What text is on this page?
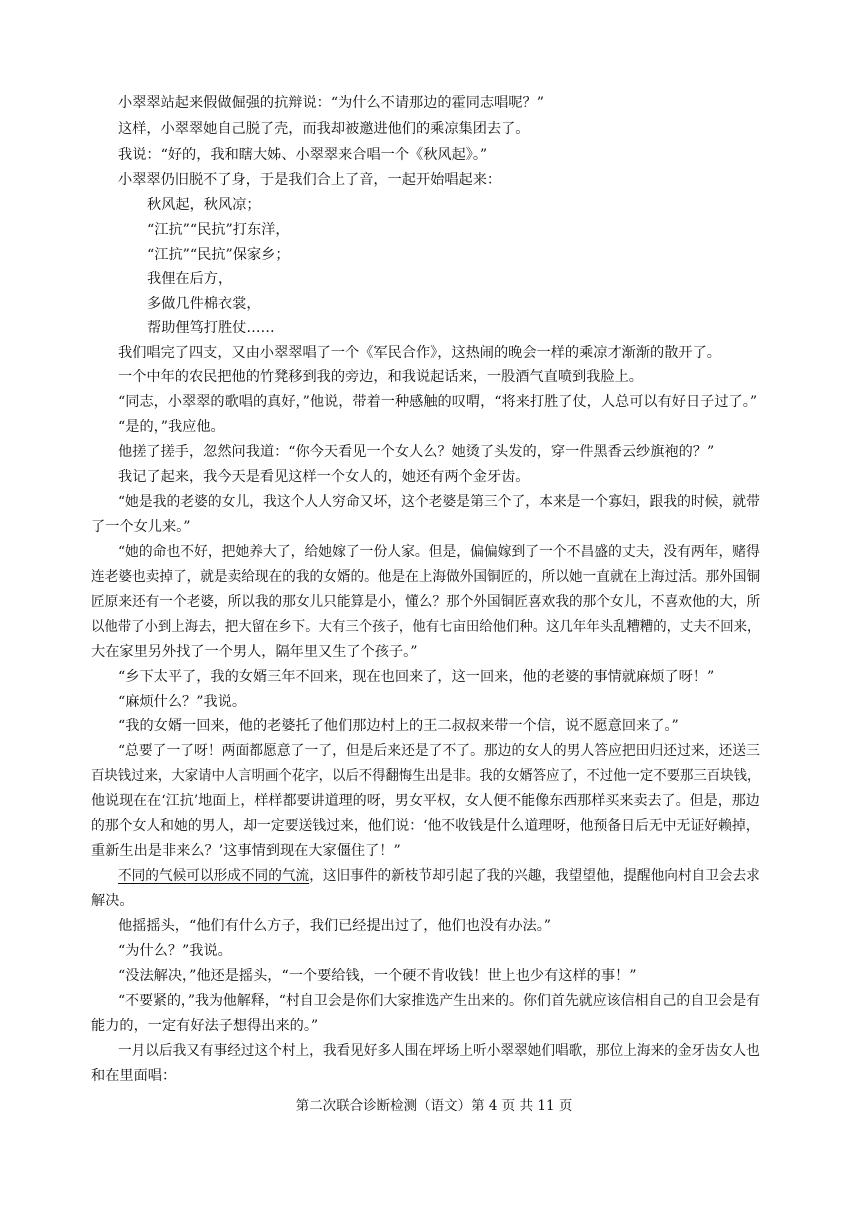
小翠翠站起来假做倔强的抗辩说：“为什么不请那边的霍同志唱呢？”
这样，小翠翠她自己脱了壳，而我却被邀进他们的乘凉集团去了。
我说：“好的，我和瞎大姊、小翠翠来合唱一个《秋风起》。”
小翠翠仍旧脱不了身，于是我们合上了音，一起开始唱起来：
秋风起，秋风凉；
“江抗”“民抗”打东洋，
“江抗”“民抗”保家乡；
我俚在后方，
多做几件棉衣裳，
帮助俚笃打胜仗……
我们唱完了四支，又由小翠翠唱了一个《军民合作》，这热闹的晚会一样的乘凉才渐渐的散开了。
一个中年的农民把他的竹凳移到我的旁边，和我说起话来，一股酒气直喷到我脸上。
“同志，小翠翠的歌唱的真好，”他说，带着一种感触的叹喟，“将来打胜了仗，人总可以有好日子过了。”
“是的，”我应他。
他搓了搓手，忽然问我道：“你今天看见一个女人么？她烫了头发的，穿一件黑香云纱旗袍的？”
我记了起来，我今天是看见这样一个女人的，她还有两个金牙齿。
“她是我的老婆的女儿，我这个人人穷命又坏，这个老婆是第三个了，本来是一个寡妇，跟我的时候，就带
了一个女儿来。”
“她的命也不好，把她养大了，给她嫁了一份人家。但是，偏偏嫁到了一个不昌盛的丈夫，没有两年，赌得
连老婆也卖掉了，就是卖给现在的我的女婿的。他是在上海做外国铜匠的，所以她一直就在上海过活。那外国铜
匠原来还有一个老婆，所以我的那女儿只能算是小，懂么？那个外国铜匠喜欢我的那个女儿，不喜欢他的大，所
以他带了小到上海去，把大留在乡下。大有三个孩子，他有七亩田给他们种。这几年年头乱糟糟的，丈夫不回来，
大在家里另外找了一个男人，隔年里又生了个孩子。”
“乡下太平了，我的女婿三年不回来，现在也回来了，这一回来，他的老婆的事情就麻烦了呀！”
“麻烦什么？”我说。
“我的女婿一回来，他的老婆托了他们那边村上的王二叔叔来带一个信，说不愿意回来了。”
“总要了一了呀！两面都愿意了一了，但是后来还是了不了。那边的女人的男人答应把田归还过来，还送三
百块钱过来，大家请中人言明画个花字，以后不得翻悔生出是非。我的女婿答应了，不过他一定不要那三百块钱，
他说现在在‘江抗’地面上，样样都要讲道理的呀，男女平权，女人便不能像东西那样买来卖去了。但是，那边
的那个女人和她的男人，却一定要送钱过来，他们说：‘他不收钱是什么道理呀，他预备日后无中无证好赖掉，
重新生出是非来么？’这事情到现在大家僵住了！”
不同的气候可以形成不同的气流，这旧事件的新枝节却引起了我的兴趣，我望望他，提醒他向村自卫会去求
解决。
他摇摇头，“他们有什么方子，我们已经提出过了，他们也没有办法。”
“为什么？”我说。
“没法解决，”他还是摇头，“一个要给钱，一个硬不肯收钱！世上也少有这样的事！”
“不要紧的，”我为他解释，“村自卫会是你们大家推选产生出来的。你们首先就应该信相自己的自卫会是有
能力的，一定有好法子想得出来的。”
一月以后我又有事经过这个村上，我看见好多人围在坪场上听小翠翠她们唱歌，那位上海来的金牙齿女人也
和在里面唱：
第二次联合诊断检测（语文）第 4 页 共 11 页
